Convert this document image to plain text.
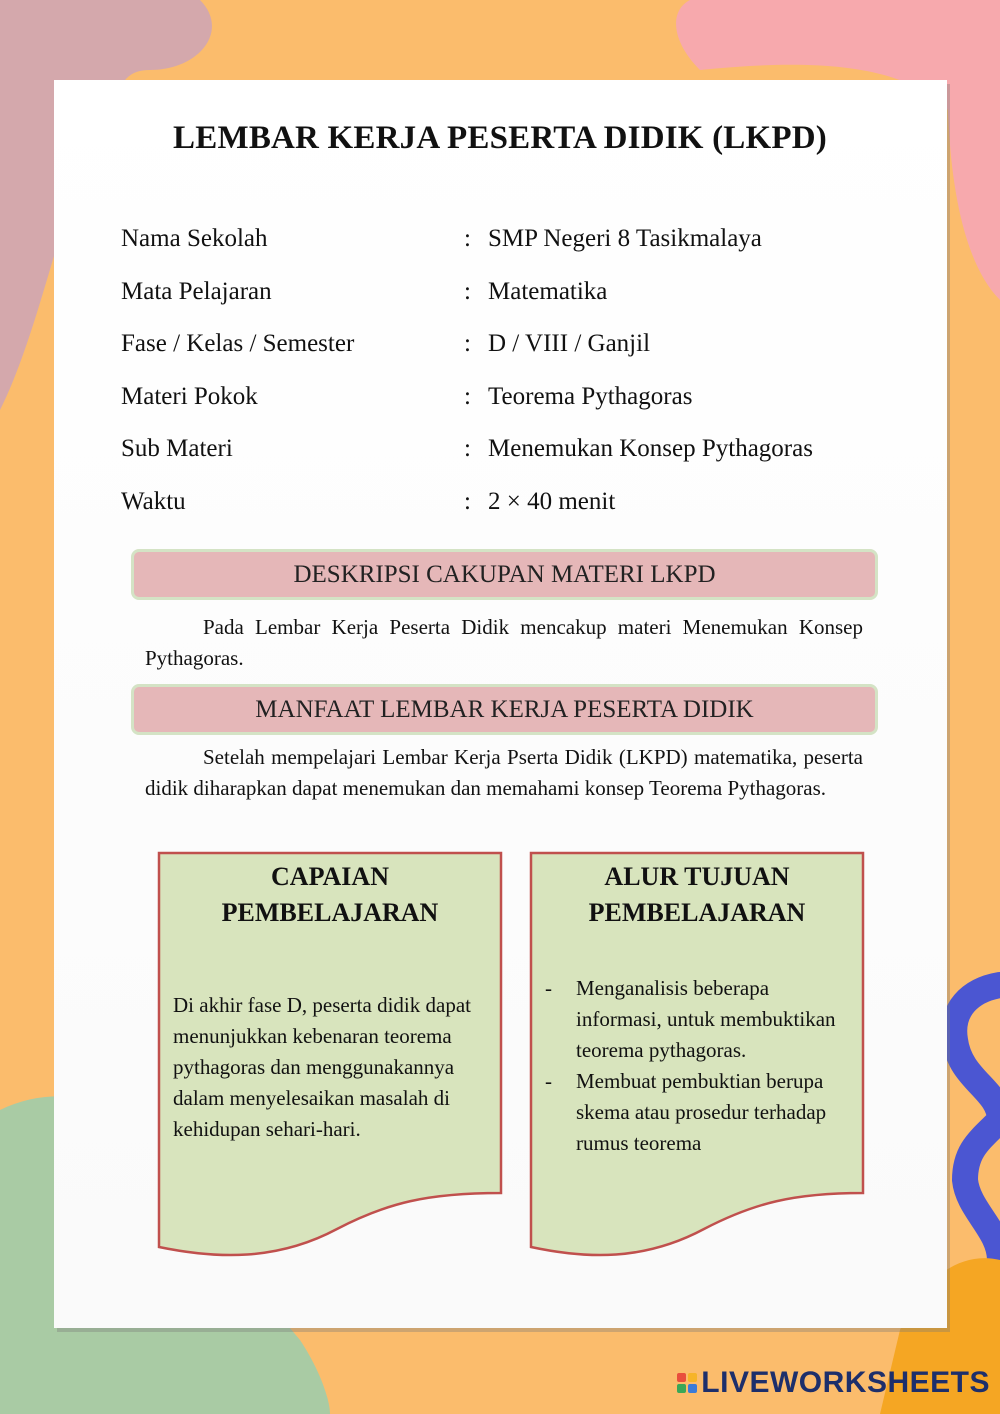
LEMBAR KERJA PESERTA DIDIK (LKPD)
Nama Sekolah	: SMP Negeri 8 Tasikmalaya
Mata Pelajaran	: Matematika
Fase / Kelas / Semester	: D / VIII / Ganjil
Materi Pokok	: Teorema Pythagoras
Sub Materi	: Menemukan Konsep Pythagoras
Waktu	: 2 × 40 menit
DESKRIPSI CAKUPAN MATERI LKPD
Pada Lembar Kerja Peserta Didik mencakup materi Menemukan Konsep Pythagoras.
MANFAAT LEMBAR KERJA PESERTA DIDIK
Setelah mempelajari Lembar Kerja Pserta Didik (LKPD) matematika, peserta didik diharapkan dapat menemukan dan memahami konsep Teorema Pythagoras.
CAPAIAN
PEMBELAJARAN
Di akhir fase D, peserta didik dapat menunjukkan kebenaran teorema pythagoras dan menggunakannya dalam menyelesaikan masalah di kehidupan sehari-hari.
ALUR TUJUAN
PEMBELAJARAN
- Menganalisis beberapa informasi, untuk membuktikan teorema pythagoras.
- Membuat pembuktian berupa skema atau prosedur terhadap rumus teorema
LIVEWORKSHEETS
